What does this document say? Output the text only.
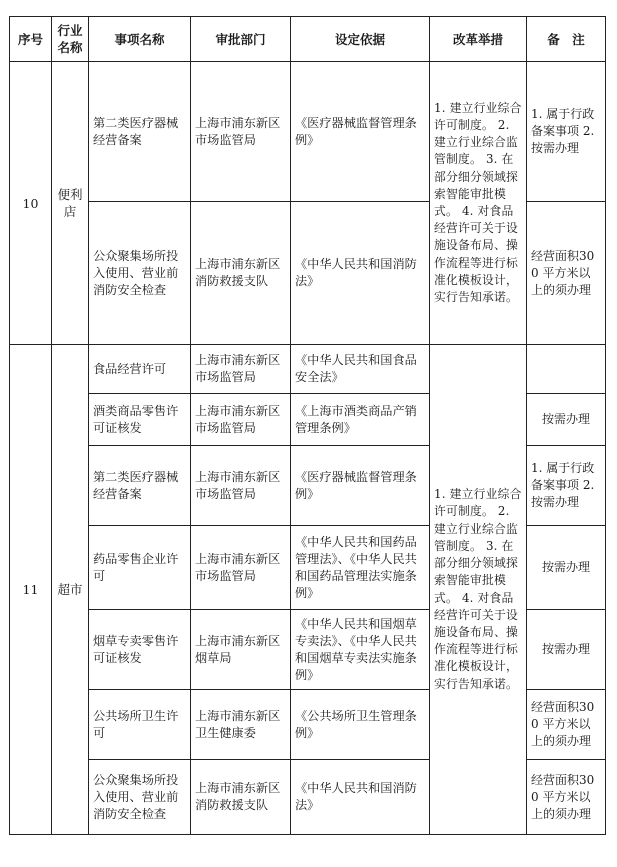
序号	行业名称	事项名称	审批部门	设定依据	改革举措	备　注
10	便利店	第二类医疗器械经营备案	上海市浦东新区市场监管局	《医疗器械监督管理条例》	1. 建立行业综合许可制度。 2. 建立行业综合监管制度。 3. 在部分细分领域探索智能审批模式。 4. 对食品经营许可关于设施设备布局、操作流程等进行标准化模板设计，实行告知承诺。	1. 属于行政备案事项 2. 按需办理
		公众聚集场所投入使用、营业前消防安全检查	上海市浦东新区消防救援支队	《中华人民共和国消防法》		经营面积300 平方米以上的须办理
11	超市	食品经营许可	上海市浦东新区市场监管局	《中华人民共和国食品安全法》	1. 建立行业综合许可制度。 2. 建立行业综合监管制度。 3. 在部分细分领域探索智能审批模式。 4. 对食品经营许可关于设施设备布局、操作流程等进行标准化模板设计，实行告知承诺。	
		酒类商品零售许可证核发	上海市浦东新区市场监管局	《上海市酒类商品产销管理条例》		按需办理
		第二类医疗器械经营备案	上海市浦东新区市场监管局	《医疗器械监督管理条例》		1. 属于行政备案事项 2. 按需办理
		药品零售企业许可	上海市浦东新区市场监管局	《中华人民共和国药品管理法》、《中华人民共和国药品管理法实施条例》		按需办理
		烟草专卖零售许可证核发	上海市浦东新区烟草局	《中华人民共和国烟草专卖法》、《中华人民共和国烟草专卖法实施条例》		按需办理
		公共场所卫生许可	上海市浦东新区卫生健康委	《公共场所卫生管理条例》		经营面积300 平方米以上的须办理
		公众聚集场所投入使用、营业前消防安全检查	上海市浦东新区消防救援支队	《中华人民共和国消防法》		经营面积300 平方米以上的须办理
